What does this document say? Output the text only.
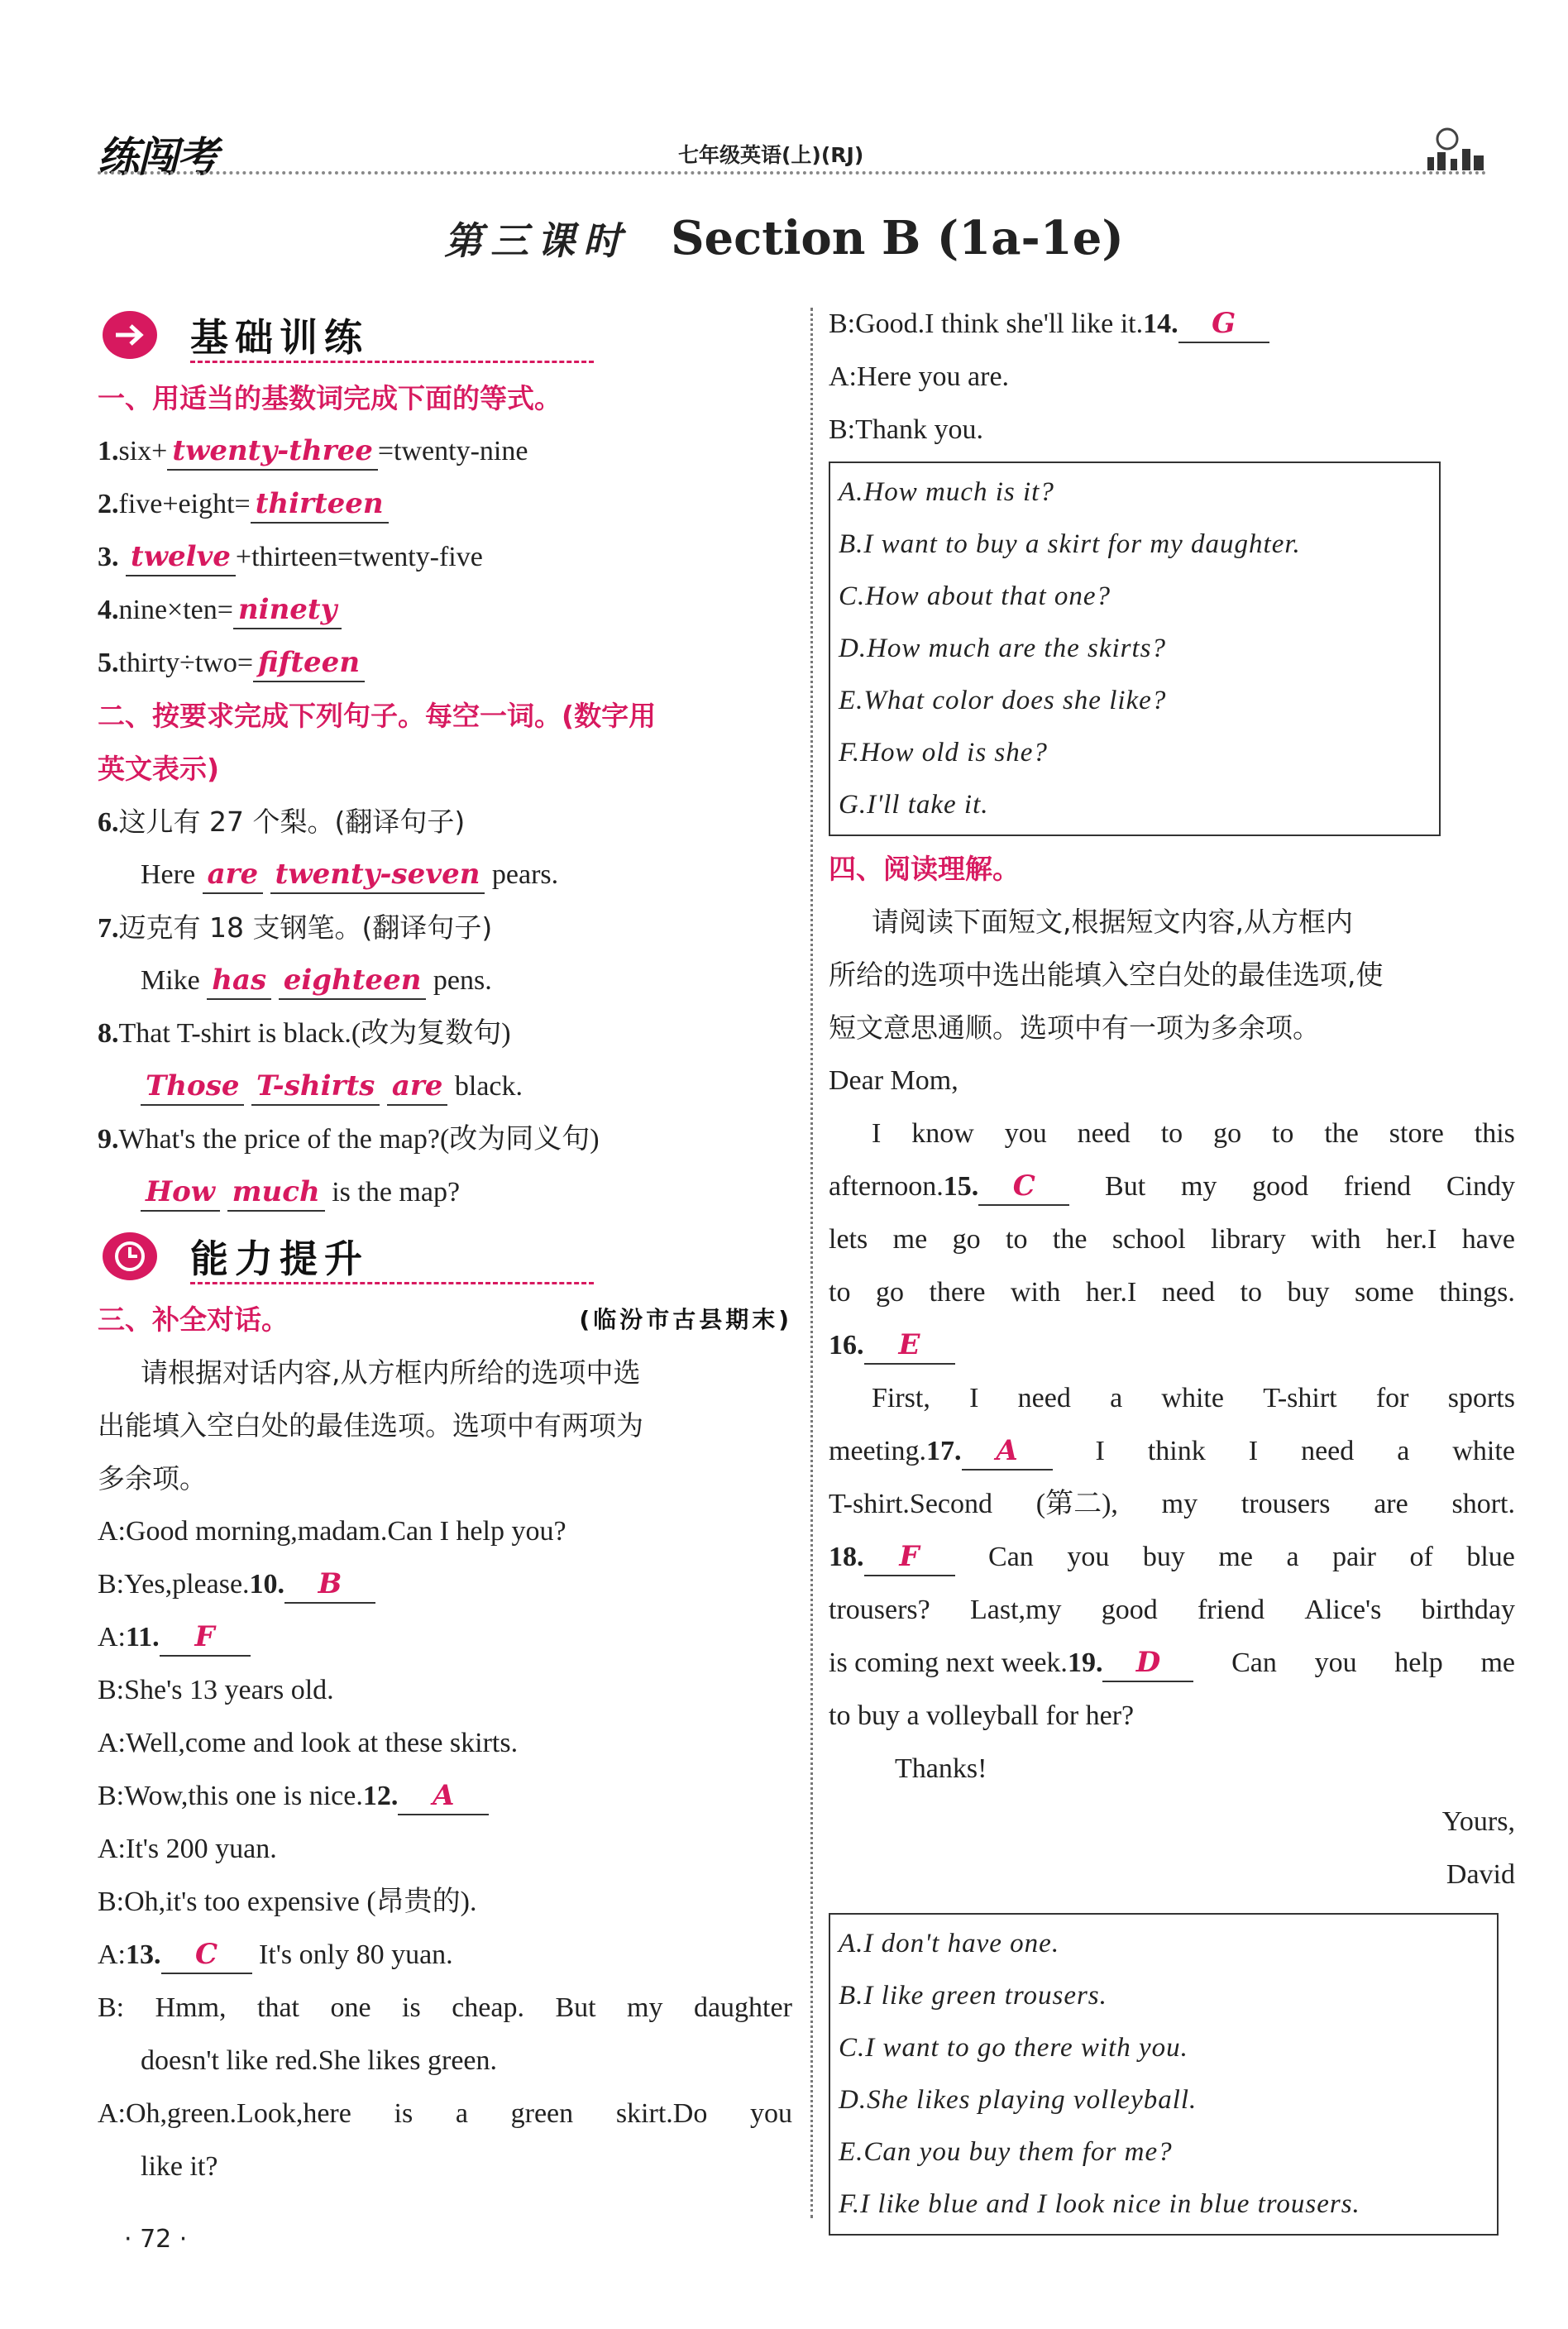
练闯考	七年级英语(上)(RJ)
第三课时 Section B (1a-1e)
基础训练
一、用适当的基数词完成下面的等式。
1.six+ twenty-three =twenty-nine
2.five+eight= thirteen
3. twelve +thirteen=twenty-five
4.nine×ten= ninety
5.thirty÷two= fifteen
二、按要求完成下列句子。每空一词。(数字用
英文表示)
6.这儿有 27 个梨。(翻译句子)
Here are twenty-seven pears.
7.迈克有 18 支钢笔。(翻译句子)
Mike has eighteen pens.
8.That T-shirt is black.(改为复数句)
Those T-shirts are black.
9.What's the price of the map?(改为同义句)
How much is the map?
能力提升
三、补全对话。	(临汾市古县期末)
请根据对话内容,从方框内所给的选项中选
出能填入空白处的最佳选项。选项中有两项为
多余项。
A:Good morning,madam.Can I help you?
B:Yes,please.10. B
A:11. F
B:She's 13 years old.
A:Well,come and look at these skirts.
B:Wow,this one is nice.12. A
A:It's 200 yuan.
B:Oh,it's too expensive (昂贵的).
A:13. C It's only 80 yuan.
B: Hmm, that one is cheap. But my daughter
doesn't like red.She likes green.
A:Oh,green.Look,here is a green skirt.Do you
like it?
B:Good.I think she'll like it.14. G
A:Here you are.
B:Thank you.
A.How much is it?
B.I want to buy a skirt for my daughter.
C.How about that one?
D.How much are the skirts?
E.What color does she like?
F.How old is she?
G.I'll take it.
四、阅读理解。
请阅读下面短文,根据短文内容,从方框内
所给的选项中选出能填入空白处的最佳选项,使
短文意思通顺。选项中有一项为多余项。
Dear Mom,
I know you need to go to the store this
afternoon.15. C	But my good friend Cindy
lets me go to the school library with her.I have
to go there with her.I need to buy some things.
16. E
First, I need a white T-shirt for sports
meeting.17. A	I think I need a white
T-shirt.Second (第二), my trousers are short.
18. F	Can you buy me a pair of blue
trousers? Last,my good friend Alice's birthday
is coming next week.19. D	Can you help me
to buy a volleyball for her?
Thanks!
Yours,
David
A.I don't have one.
B.I like green trousers.
C.I want to go there with you.
D.She likes playing volleyball.
E.Can you buy them for me?
F.I like blue and I look nice in blue trousers.
· 72 ·
